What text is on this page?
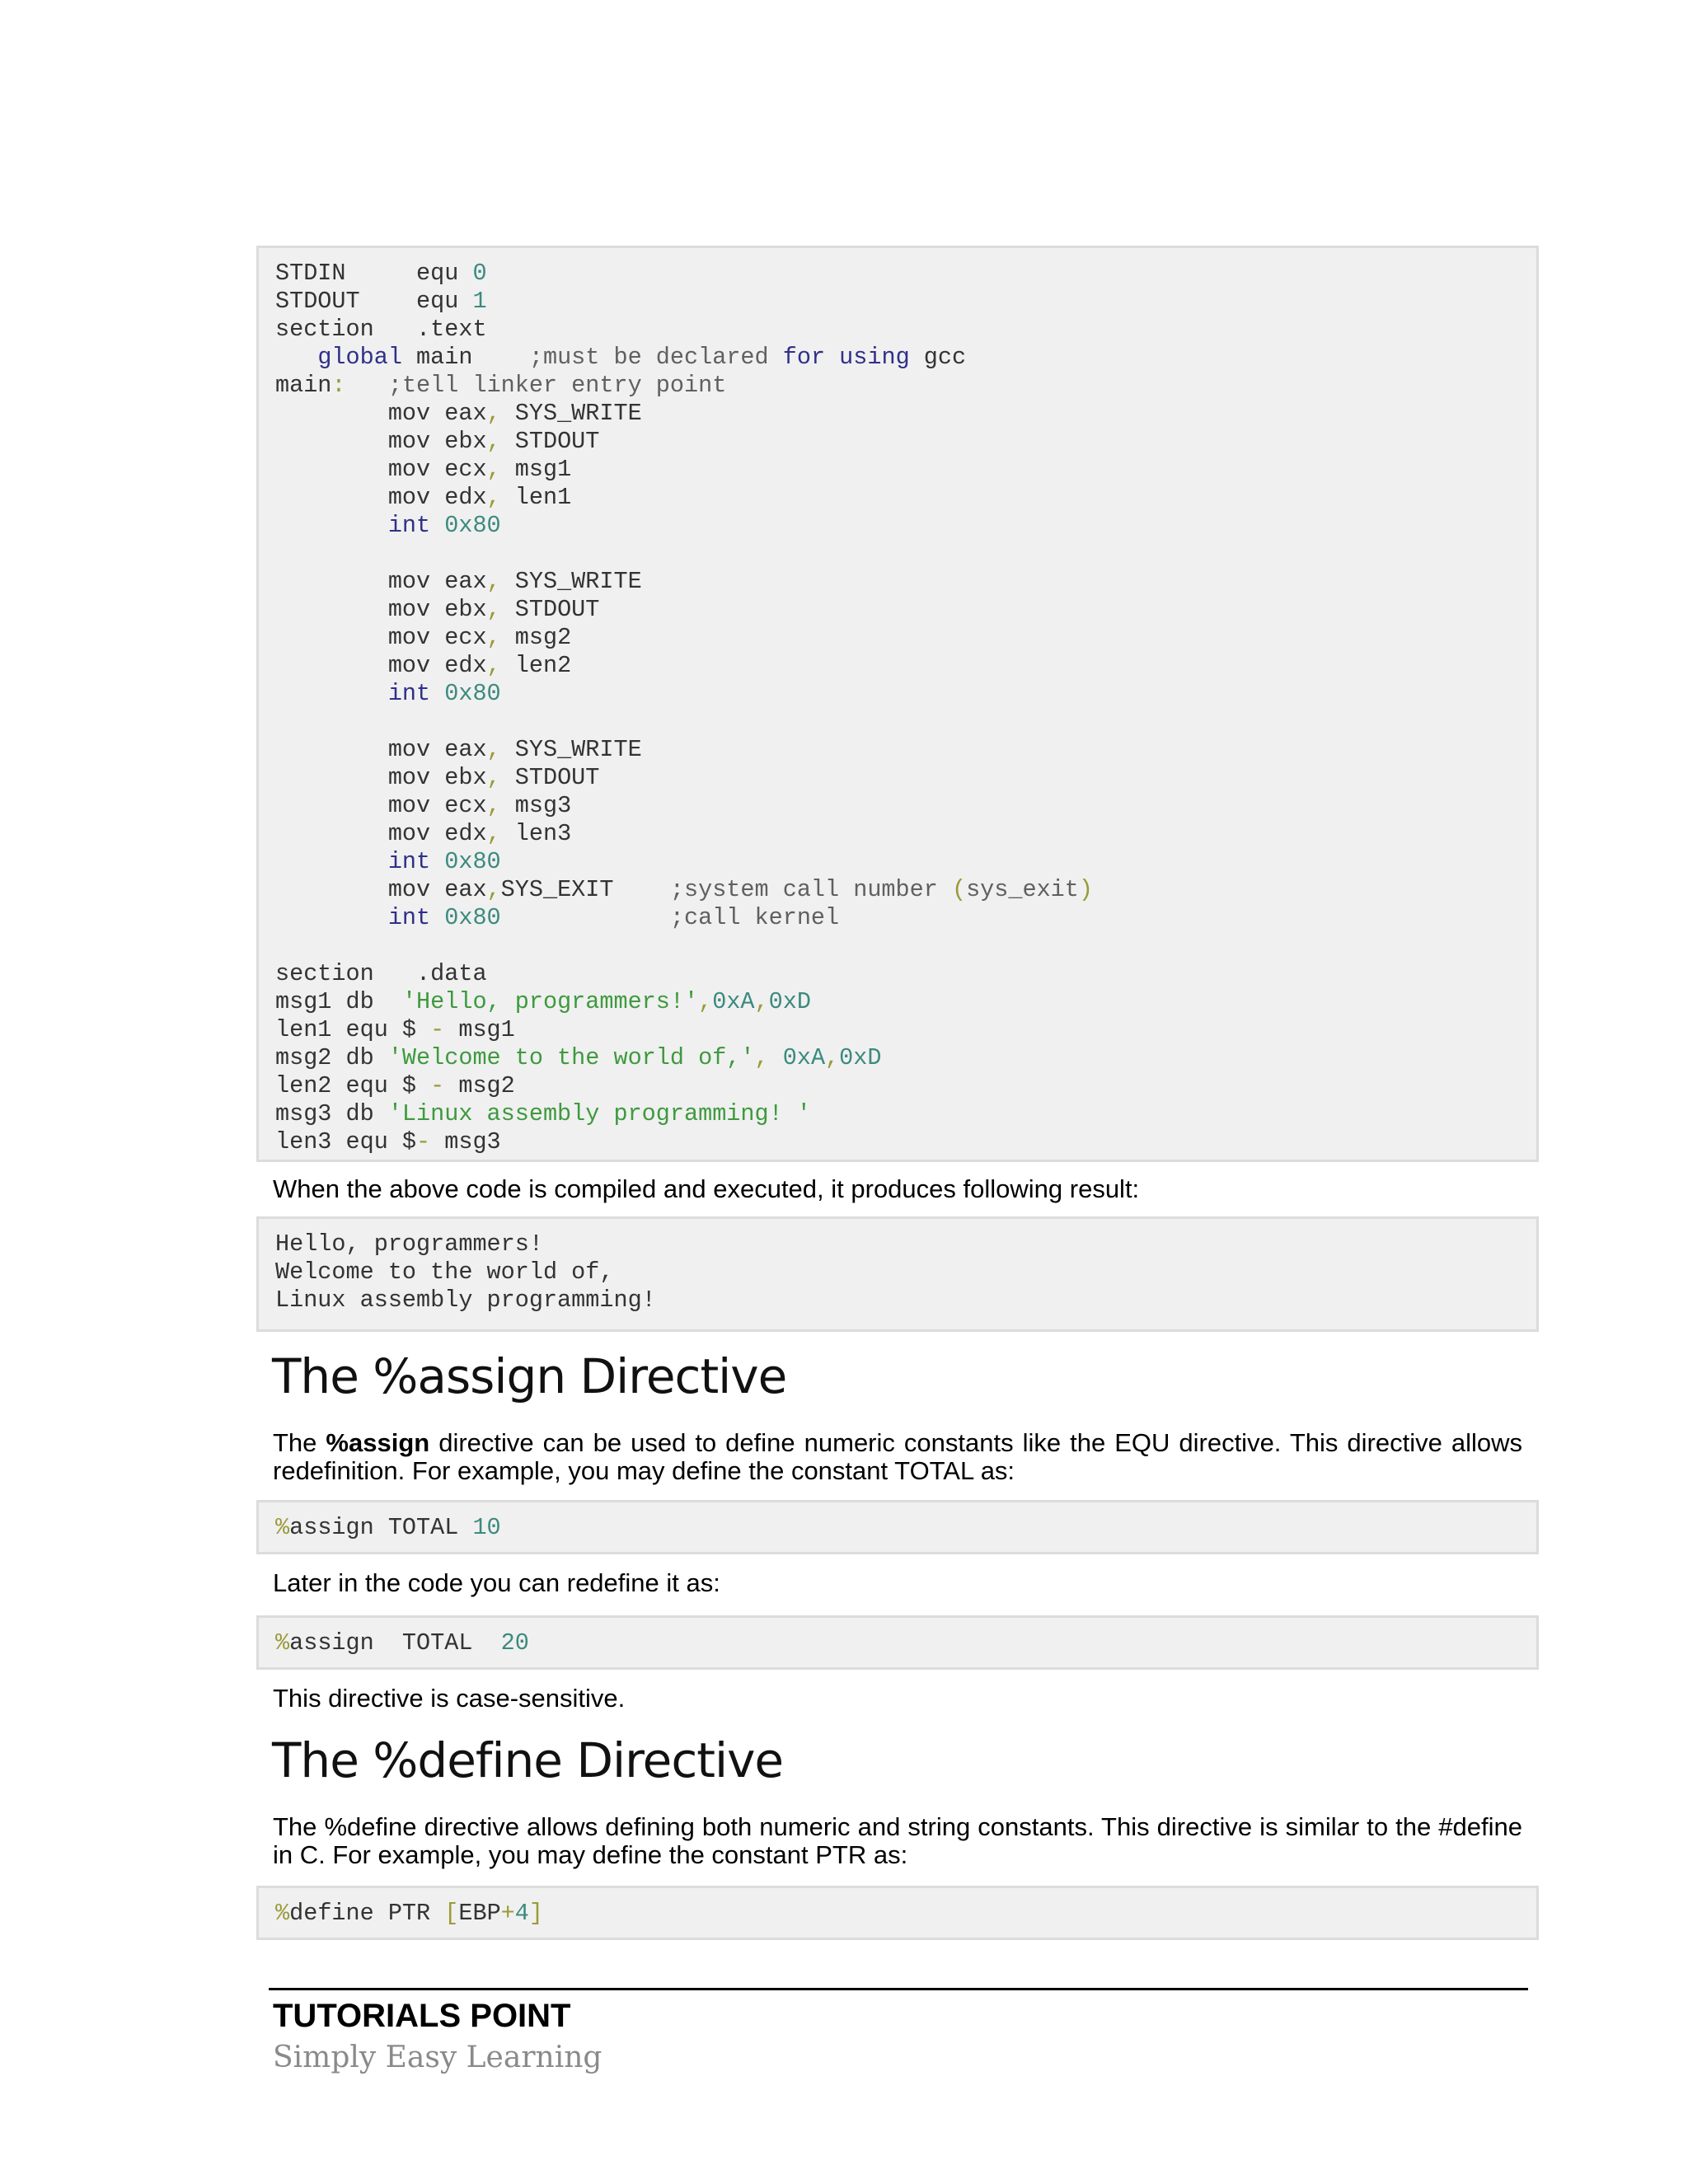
STDIN     equ 0
STDOUT    equ 1
section   .text
global main    ;must be declared for using gcc
main: ;tell linker entry point
mov eax, SYS_WRITE
mov ebx, STDOUT
mov ecx, msg1
mov edx, len1
int 0x80
mov eax, SYS_WRITE
mov ebx, STDOUT
mov ecx, msg2
mov edx, len2
int 0x80
mov eax, SYS_WRITE
mov ebx, STDOUT
mov ecx, msg3
mov edx, len3
int 0x80
mov eax,SYS_EXIT    ;system call number (sys_exit)
int 0x80	;call kernel
section   .data
msg1 db  'Hello, programmers!',0xA,0xD
len1 equ $ - msg1
msg2 db 'Welcome to the world of,', 0xA,0xD
len2 equ $ - msg2
msg3 db 'Linux assembly programming! '
len3 equ $- msg3

When the above code is compiled and executed, it produces following result:

Hello, programmers!
Welcome to the world of,
Linux assembly programming!
The %assign Directive

The %assign directive can be used to define numeric constants like the EQU directive. This directive allows redefinition. For example, you may define the constant TOTAL as:

%assign TOTAL 10

Later in the code you can redefine it as:

%assign  TOTAL  20

This directive is case-sensitive.

The %define Directive

The %define directive allows defining both numeric and string constants. This directive is similar to the #define in C. For example, you may define the constant PTR as:

%define PTR [EBP+4]

TUTORIALS POINT

Simply Easy Learning
